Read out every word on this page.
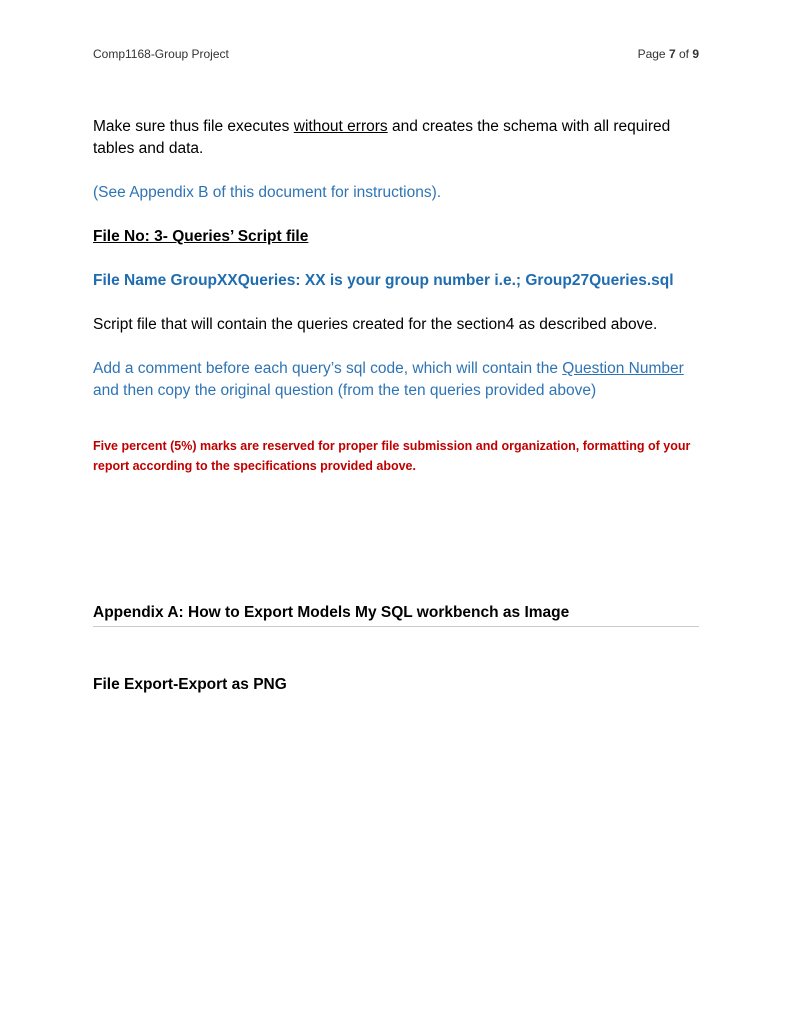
Comp1168-Group Project	Page 7 of 9

Make sure thus file executes without errors and creates the schema with all required tables and data.

(See Appendix B of this document for instructions).

File No: 3- Queries’ Script file

File Name GroupXXQueries: XX is your group number i.e.; Group27Queries.sql

Script file that will contain the queries created for the section4 as described above.

Add a comment before each query’s sql code, which will contain the Question Number and then copy the original question (from the ten queries provided above)

Five percent (5%) marks are reserved for proper file submission and organization, formatting of your report according to the specifications provided above.

Appendix A: How to Export Models My SQL workbench as Image
File Export-Export as PNG
